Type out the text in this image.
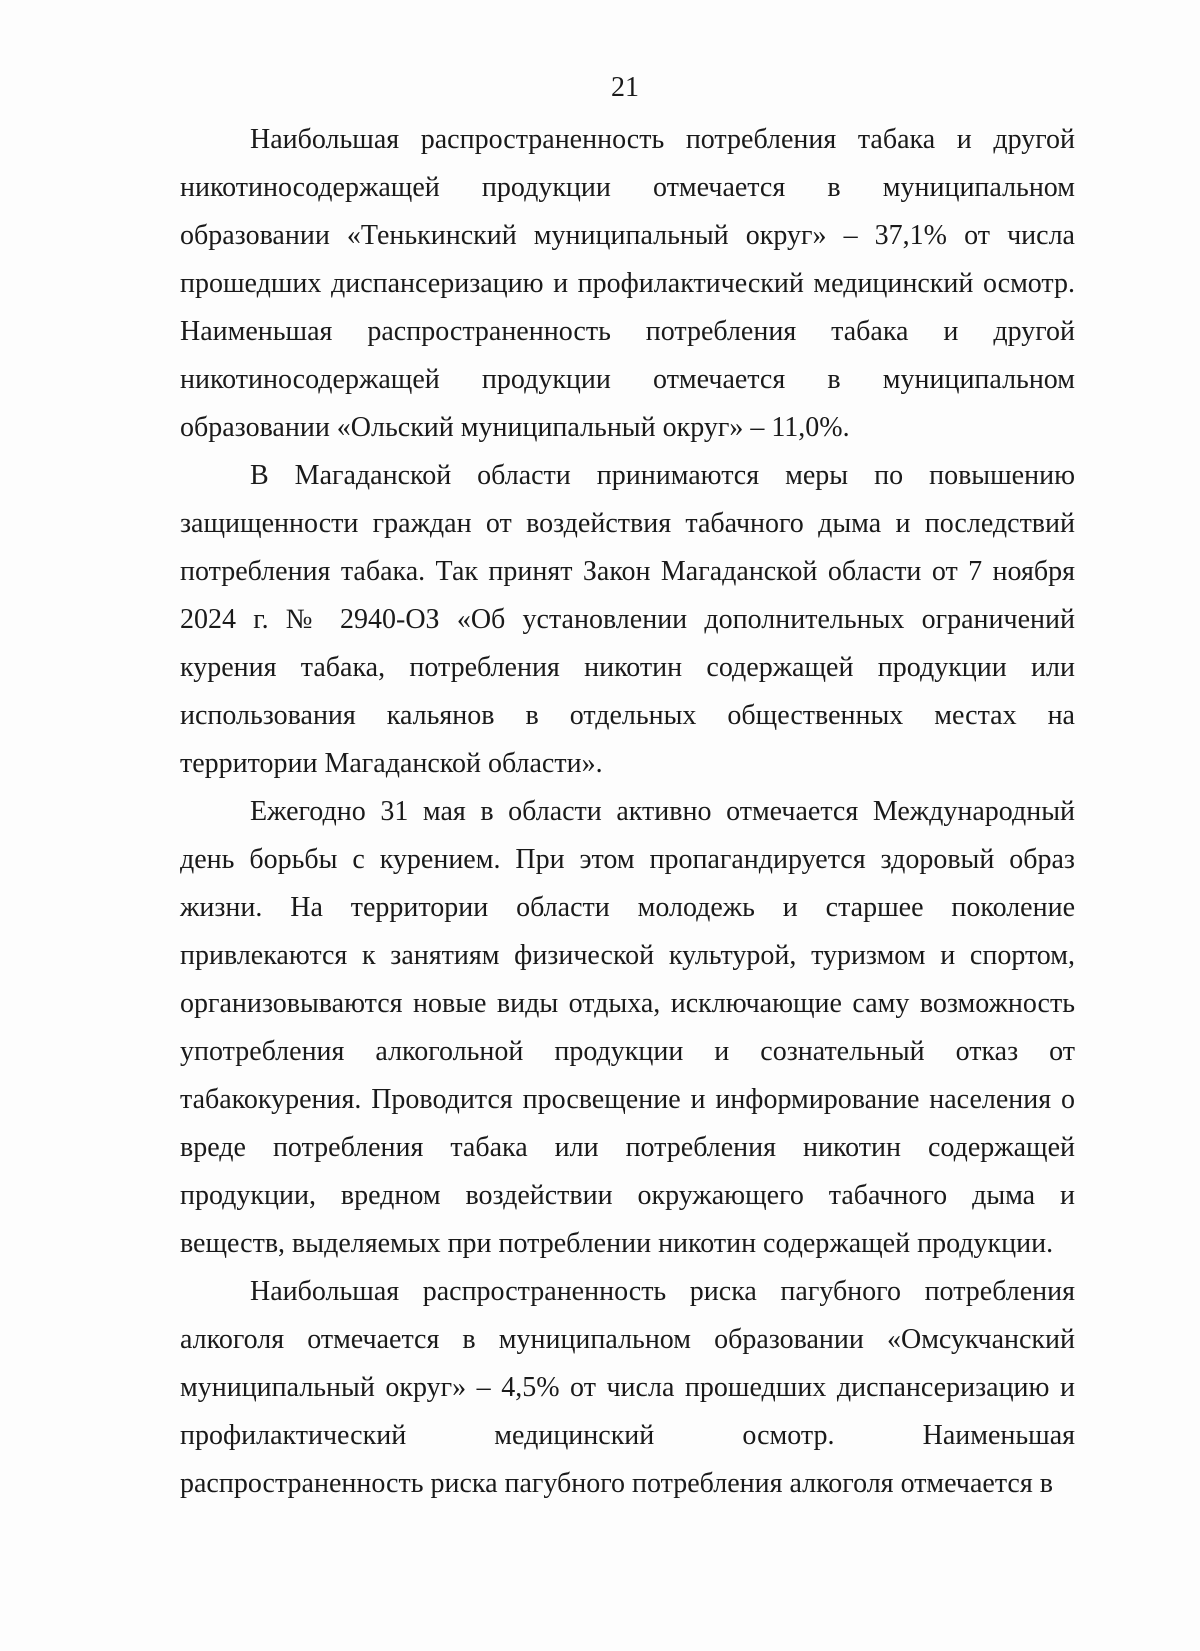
21

Наибольшая распространенность потребления табака и другой никотиносодержащей продукции отмечается в муниципальном образовании «Тенькинский муниципальный округ» – 37,1% от числа прошедших диспансеризацию и профилактический медицинский осмотр. Наименьшая распространенность потребления табака и другой никотиносодержащей продукции отмечается в муниципальном образовании «Ольский муниципальный округ» – 11,0%.

В Магаданской области принимаются меры по повышению защищенности граждан от воздействия табачного дыма и последствий потребления табака. Так принят Закон Магаданской области от 7 ноября 2024 г. № 2940-ОЗ «Об установлении дополнительных ограничений курения табака, потребления никотин содержащей продукции или использования кальянов в отдельных общественных местах на территории Магаданской области».

Ежегодно 31 мая в области активно отмечается Международный день борьбы с курением. При этом пропагандируется здоровый образ жизни. На территории области молодежь и старшее поколение привлекаются к занятиям физической культурой, туризмом и спортом, организовываются новые виды отдыха, исключающие саму возможность употребления алкогольной продукции и сознательный отказ от табакокурения. Проводится просвещение и информирование населения о вреде потребления табака или потребления никотин содержащей продукции, вредном воздействии окружающего табачного дыма и веществ, выделяемых при потреблении никотин содержащей продукции.

Наибольшая распространенность риска пагубного потребления алкоголя отмечается в муниципальном образовании «Омсукчанский муниципальный округ» – 4,5% от числа прошедших диспансеризацию и профилактический медицинский осмотр. Наименьшая распространенность риска пагубного потребления алкоголя отмечается в
